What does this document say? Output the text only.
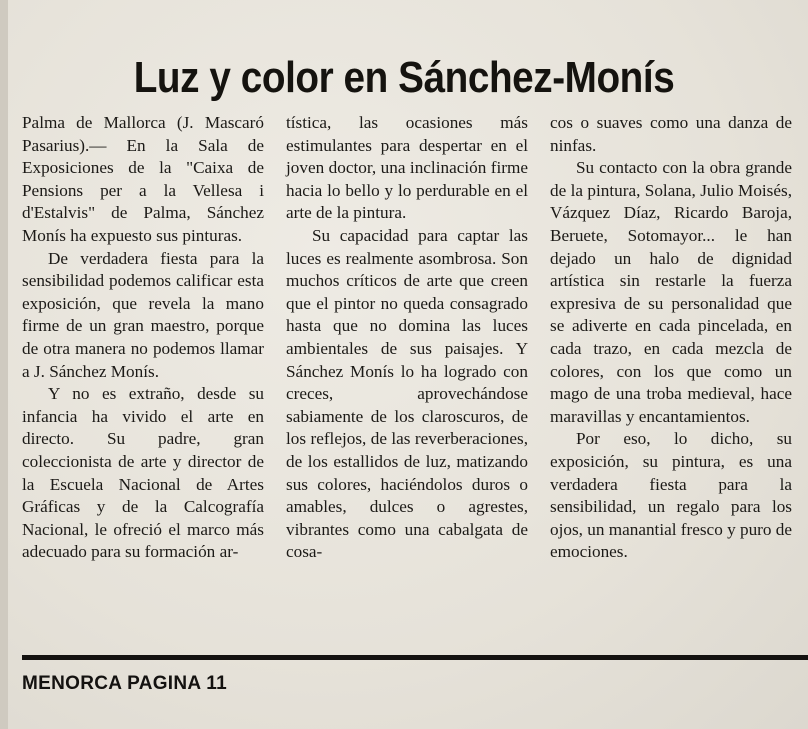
Luz y color en Sánchez-Monís

Palma de Mallorca (J. Mascaró Pasarius).— En la Sala de Exposiciones de la "Caixa de Pensions per a la Vellesa i d'Estalvis" de Palma, Sánchez Monís ha expuesto sus pinturas.

De verdadera fiesta para la sensibilidad podemos calificar esta exposición, que revela la mano firme de un gran maestro, porque de otra manera no podemos llamar a J. Sánchez Monís.

Y no es extraño, desde su infancia ha vivido el arte en directo. Su padre, gran coleccionista de arte y director de la Escuela Nacional de Artes Gráficas y de la Calcografía Nacional, le ofreció el marco más adecuado para su formación ar-

tística, las ocasiones más estimulantes para despertar en el joven doctor, una inclinación firme hacia lo bello y lo perdurable en el arte de la pintura.

Su capacidad para captar las luces es realmente asombrosa. Son muchos críticos de arte que creen que el pintor no queda consagrado hasta que no domina las luces ambientales de sus paisajes. Y Sánchez Monís lo ha logrado con creces, aprovechándose sabiamente de los claroscuros, de los reflejos, de las reverberaciones, de los estallidos de luz, matizando sus colores, haciéndolos duros o amables, dulces o agrestes, vibrantes como una cabalgata de cosa-

cos o suaves como una danza de ninfas.

Su contacto con la obra grande de la pintura, Solana, Julio Moisés, Vázquez Díaz, Ricardo Baroja, Beruete, Sotomayor... le han dejado un halo de dignidad artística sin restarle la fuerza expresiva de su personalidad que se adiverte en cada pincelada, en cada trazo, en cada mezcla de colores, con los que como un mago de una troba medieval, hace maravillas y encantamientos.

Por eso, lo dicho, su exposición, su pintura, es una verdadera fiesta para la sensibilidad, un regalo para los ojos, un manantial fresco y puro de emociones.

MENORCA PAGINA 11
